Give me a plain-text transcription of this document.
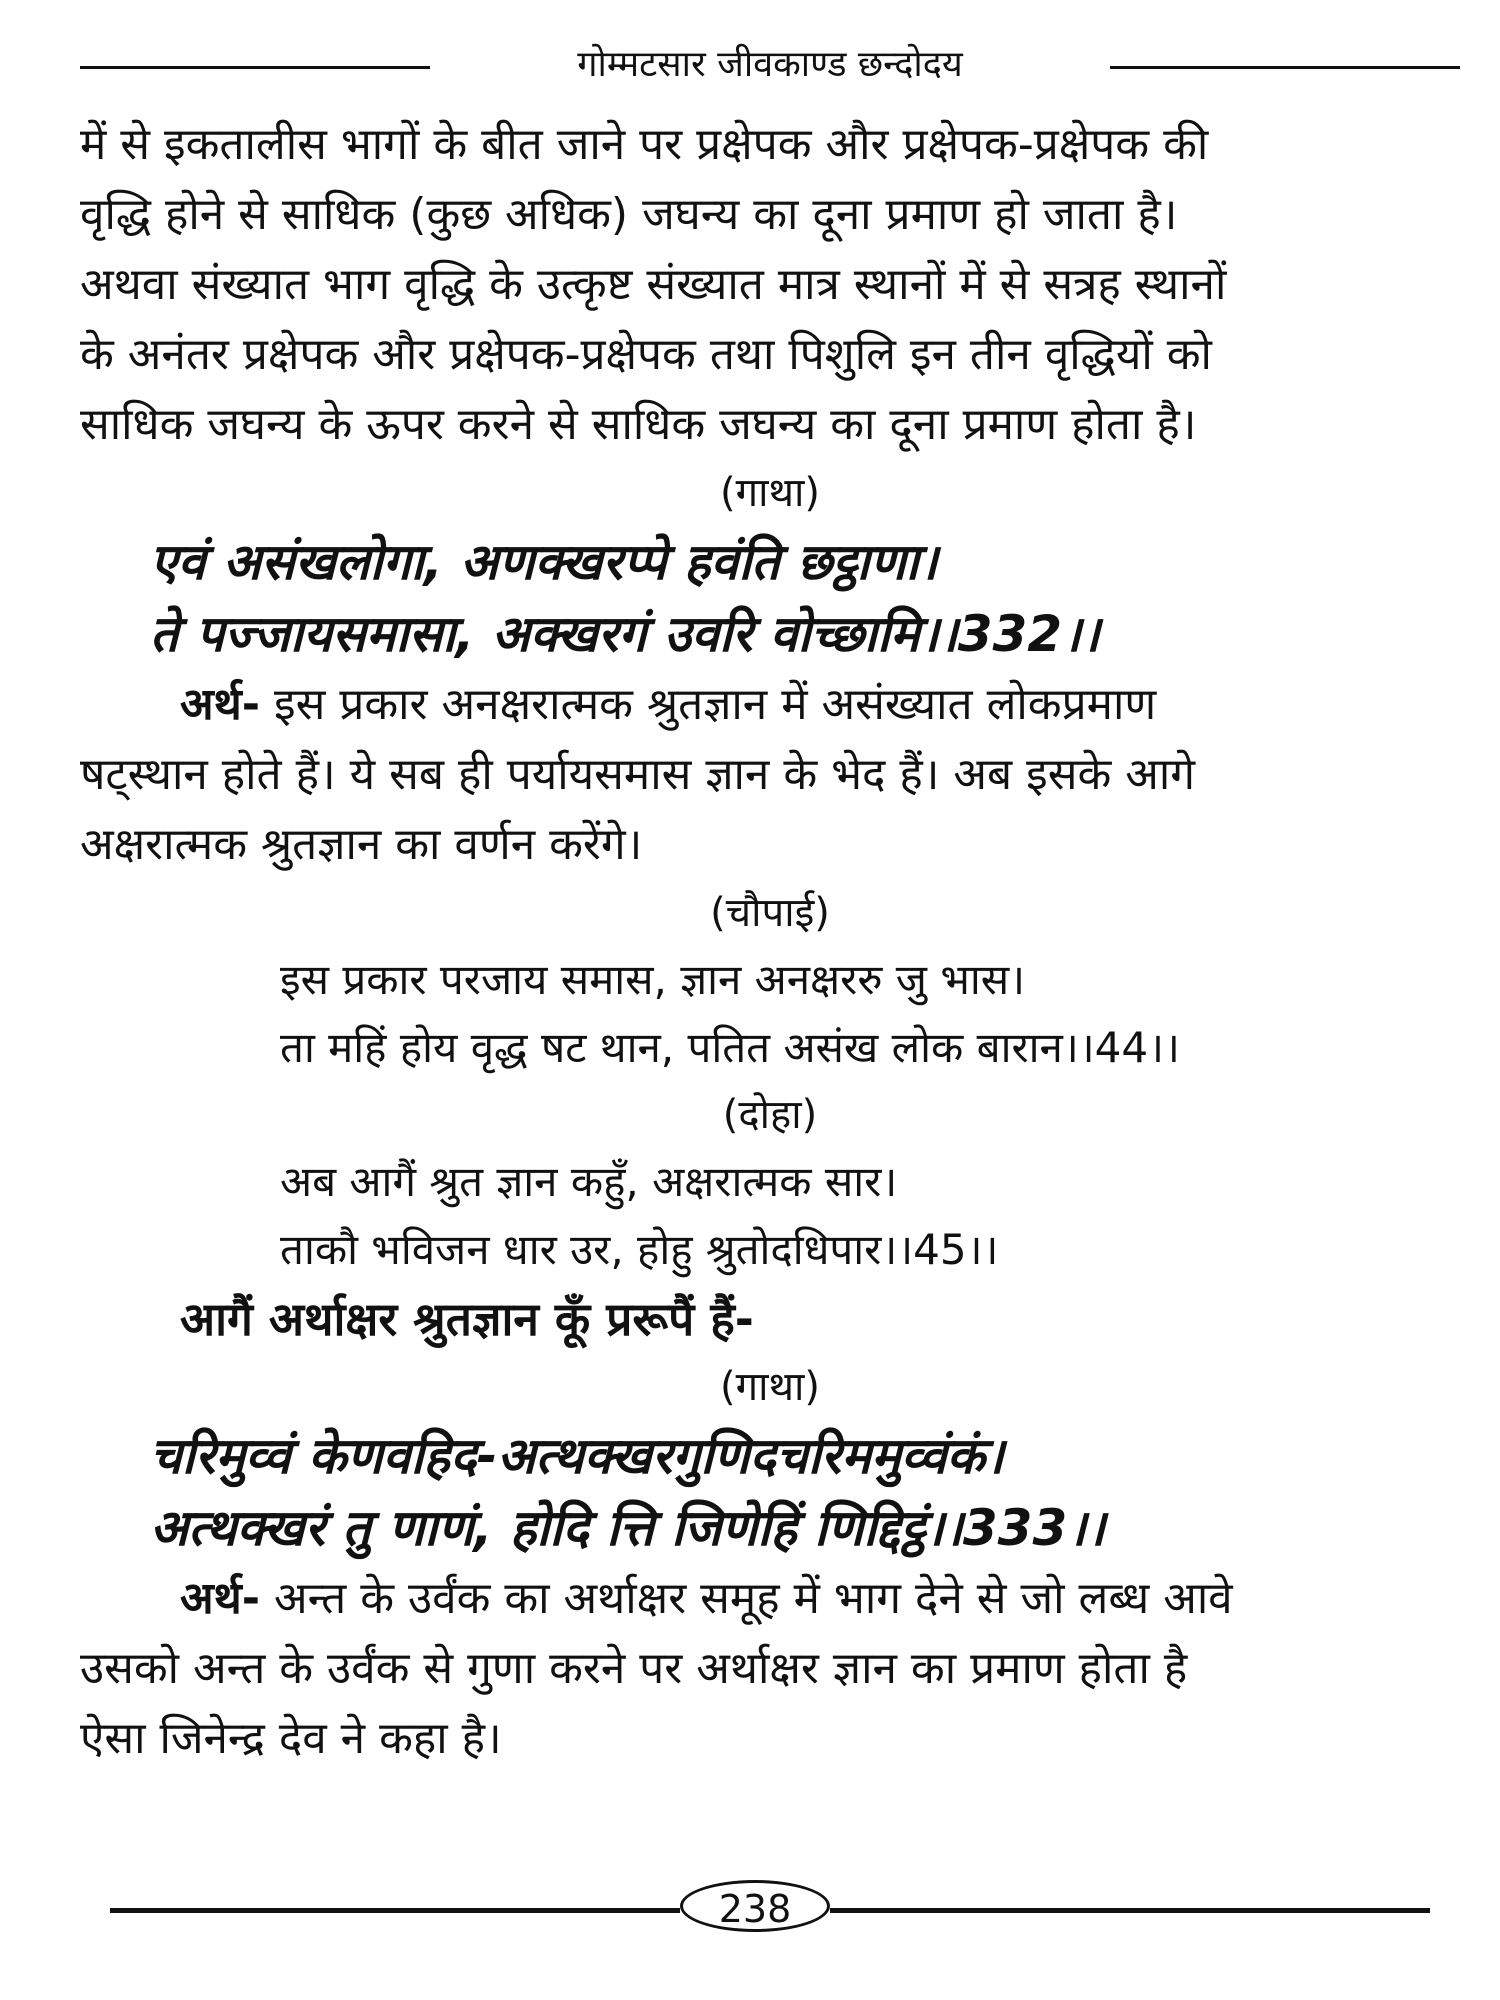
गोम्मटसार जीवकाण्ड छन्दोदय

में से इकतालीस भागों के बीत जाने पर प्रक्षेपक और प्रक्षेपक-प्रक्षेपक की

वृद्धि होने से साधिक (कुछ अधिक) जघन्य का दूना प्रमाण हो जाता है।

अथवा संख्यात भाग वृद्धि के उत्कृष्ट संख्यात मात्र स्थानों में से सत्रह स्थानों

के अनंतर प्रक्षेपक और प्रक्षेपक-प्रक्षेपक तथा पिशुलि इन तीन वृद्धियों को

साधिक जघन्य के ऊपर करने से साधिक जघन्य का दूना प्रमाण होता है।

(गाथा)

एवं असंखलोगा, अणक्खरप्पे हवंति छट्ठाणा।

ते पज्जायसमासा, अक्खरगं उवरि वोच्छामि।।332।।

अर्थ- इस प्रकार अनक्षरात्मक श्रुतज्ञान में असंख्यात लोकप्रमाण

षट्स्थान होते हैं। ये सब ही पर्यायसमास ज्ञान के भेद हैं। अब इसके आगे

अक्षरात्मक श्रुतज्ञान का वर्णन करेंगे।

(चौपाई)

इस प्रकार परजाय समास, ज्ञान अनक्षररु जु भास।

ता महिं होय वृद्ध षट थान, पतित असंख लोक बारान।।44।।

(दोहा)

अब आगैं श्रुत ज्ञान कहुँ, अक्षरात्मक सार।

ताकौ भविजन धार उर, होहु श्रुतोदधिपार।।45।।

आगैं अर्थाक्षर श्रुतज्ञान कूँ प्ररूपैं हैं-

(गाथा)

चरिमुव्वं केणवहिद-अत्थक्खरगुणिदचरिममुव्वंकं।

अत्थक्खरं तु णाणं, होदि त्ति जिणेहिं णिद्दिट्ठं।।333।।

अर्थ- अन्त के उर्वंक का अर्थाक्षर समूह में भाग देने से जो लब्ध आवे

उसको अन्त के उर्वंक से गुणा करने पर अर्थाक्षर ज्ञान का प्रमाण होता है

ऐसा जिनेन्द्र देव ने कहा है।

238
